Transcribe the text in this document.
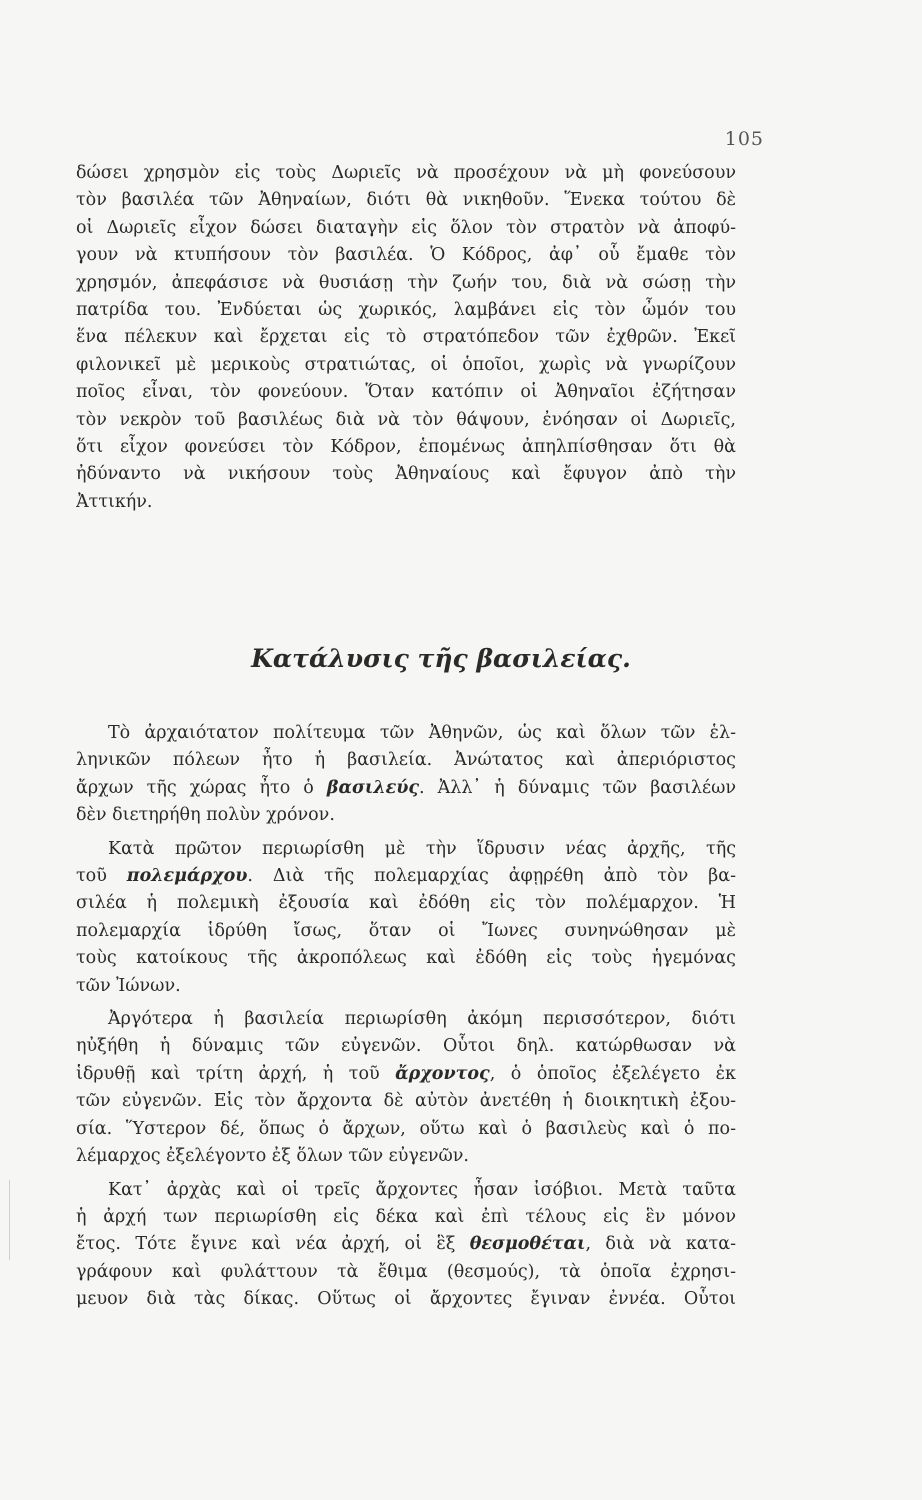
105
δώσει χρησμὸν εἰς τοὺς Δωριεῖς νὰ προσέχουν νὰ μὴ φονεύσουν
τὸν βασιλέα τῶν Ἀθηναίων, διότι θὰ νικηθοῦν. Ἕνεκα τούτου δὲ
οἱ Δωριεῖς εἶχον δώσει διαταγὴν εἰς ὅλον τὸν στρατὸν νὰ ἀποφύ-
γουν νὰ κτυπήσουν τὸν βασιλέα. Ὁ Κόδρος, ἀφ᾽ οὗ ἔμαθε τὸν
χρησμόν, ἀπεφάσισε νὰ θυσιάσῃ τὴν ζωήν του, διὰ νὰ σώσῃ τὴν
πατρίδα του. Ἐνδύεται ὡς χωρικός, λαμβάνει εἰς τὸν ὦμόν του
ἕνα πέλεκυν καὶ ἔρχεται εἰς τὸ στρατόπεδον τῶν ἐχθρῶν. Ἐκεῖ
φιλονικεῖ μὲ μερικοὺς στρατιώτας, οἱ ὁποῖοι, χωρὶς νὰ γνωρίζουν
ποῖος εἶναι, τὸν φονεύουν. Ὅταν κατόπιν οἱ Ἀθηναῖοι ἐζήτησαν
τὸν νεκρὸν τοῦ βασιλέως διὰ νὰ τὸν θάψουν, ἐνόησαν οἱ Δωριεῖς,
ὅτι εἶχον φονεύσει τὸν Κόδρον, ἑπομένως ἀπηλπίσθησαν ὅτι θὰ
ἠδύναντο νὰ νικήσουν τοὺς Ἀθηναίους καὶ ἔφυγον ἀπὸ τὴν
Ἀττικήν.
Κατάλυσις τῆς βασιλείας.
Τὸ ἀρχαιότατον πολίτευμα τῶν Ἀθηνῶν, ὡς καὶ ὅλων τῶν ἑλ-
ληνικῶν πόλεων ἦτο ἡ βασιλεία. Ἀνώτατος καὶ ἀπεριόριστος
ἄρχων τῆς χώρας ἦτο ὁ βασιλεύς. Ἀλλ᾽ ἡ δύναμις τῶν βασιλέων
δὲν διετηρήθη πολὺν χρόνον.
Κατὰ πρῶτον περιωρίσθη μὲ τὴν ἵδρυσιν νέας ἀρχῆς, τῆς
τοῦ πολεμάρχου. Διὰ τῆς πολεμαρχίας ἀφῃρέθη ἀπὸ τὸν βα-
σιλέα ἡ πολεμικὴ ἐξουσία καὶ ἐδόθη εἰς τὸν πολέμαρχον. Ἡ
πολεμαρχία ἱδρύθη ἴσως, ὅταν οἱ Ἴωνες συνηνώθησαν μὲ
τοὺς κατοίκους τῆς ἀκροπόλεως καὶ ἐδόθη εἰς τοὺς ἡγεμόνας
τῶν Ἰώνων.
Ἀργότερα ἡ βασιλεία περιωρίσθη ἀκόμη περισσότερον, διότι
ηὐξήθη ἡ δύναμις τῶν εὐγενῶν. Οὗτοι δηλ. κατώρθωσαν νὰ
ἱδρυθῇ καὶ τρίτη ἀρχή, ἡ τοῦ ἄρχοντος, ὁ ὁποῖος ἐξελέγετο ἐκ
τῶν εὐγενῶν. Εἰς τὸν ἄρχοντα δὲ αὐτὸν ἀνετέθη ἡ διοικητικὴ ἐξου-
σία. Ὕστερον δέ, ὅπως ὁ ἄρχων, οὕτω καὶ ὁ βασιλεὺς καὶ ὁ πο-
λέμαρχος ἐξελέγοντο ἐξ ὅλων τῶν εὐγενῶν.
Κατ᾽ ἀρχὰς καὶ οἱ τρεῖς ἄρχοντες ἦσαν ἰσόβιοι. Μετὰ ταῦτα
ἡ ἀρχή των περιωρίσθη εἰς δέκα καὶ ἐπὶ τέλους εἰς ἓν μόνον
ἔτος. Τότε ἔγινε καὶ νέα ἀρχή, οἱ ἓξ θεσμοθέται, διὰ νὰ κατα-
γράφουν καὶ φυλάττουν τὰ ἔθιμα (θεσμούς), τὰ ὁποῖα ἐχρησι-
μευον διὰ τὰς δίκας. Οὕτως οἱ ἄρχοντες ἔγιναν ἐννέα. Οὗτοι
